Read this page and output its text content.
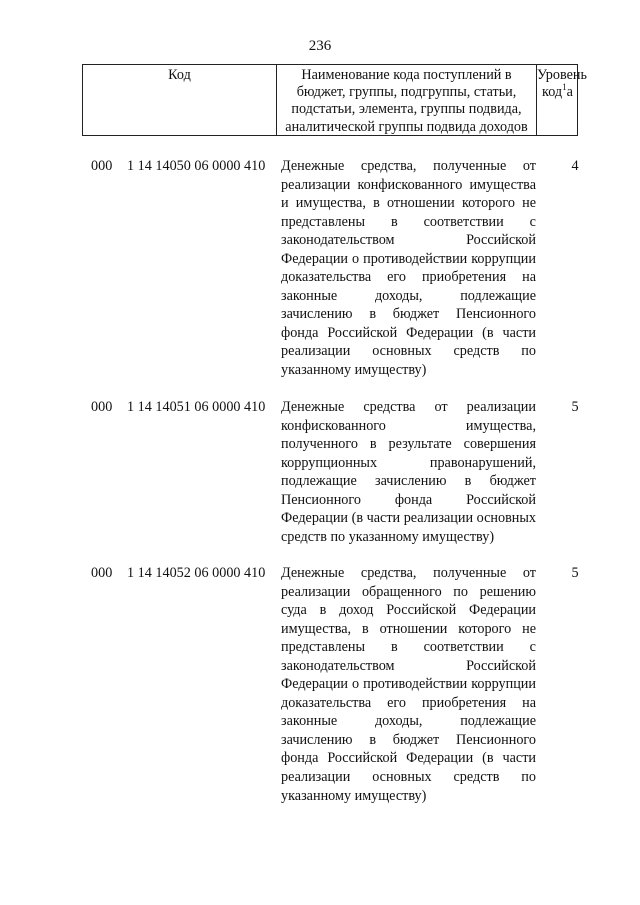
236
Код	Наименование кода поступлений в бюджет, группы, подгруппы, статьи, подстатьи, элемента, группы подвида, аналитической группы подвида доходов
Уровень код$^1$а
000 1 14 14050 06 0000 410 Денежные средства, полученные от реализации конфискованного имущества и имущества, в отношении которого не представлены в соответствии с законодательством Российской Федерации о противодействии коррупции доказательства его приобретения на законные доходы, подлежащие зачислению в бюджет Пенсионного фонда Российской Федерации (в части реализации основных средств по указанному имуществу)
4
000 1 14 14051 06 0000 410 Денежные средства от реализации конфискованного имущества, полученного в результате совершения коррупционных правонарушений, подлежащие зачислению в бюджет Пенсионного фонда Российской Федерации (в части реализации основных средств по указанному имуществу)
5
000 1 14 14052 06 0000 410 Денежные средства, полученные от реализации обращенного по решению суда в доход Российской Федерации имущества, в отношении которого не представлены в соответствии с законодательством Российской Федерации о противодействии коррупции доказательства его приобретения на законные доходы, подлежащие зачислению в бюджет Пенсионного фонда Российской Федерации (в части реализации основных средств по указанному имуществу)
5
